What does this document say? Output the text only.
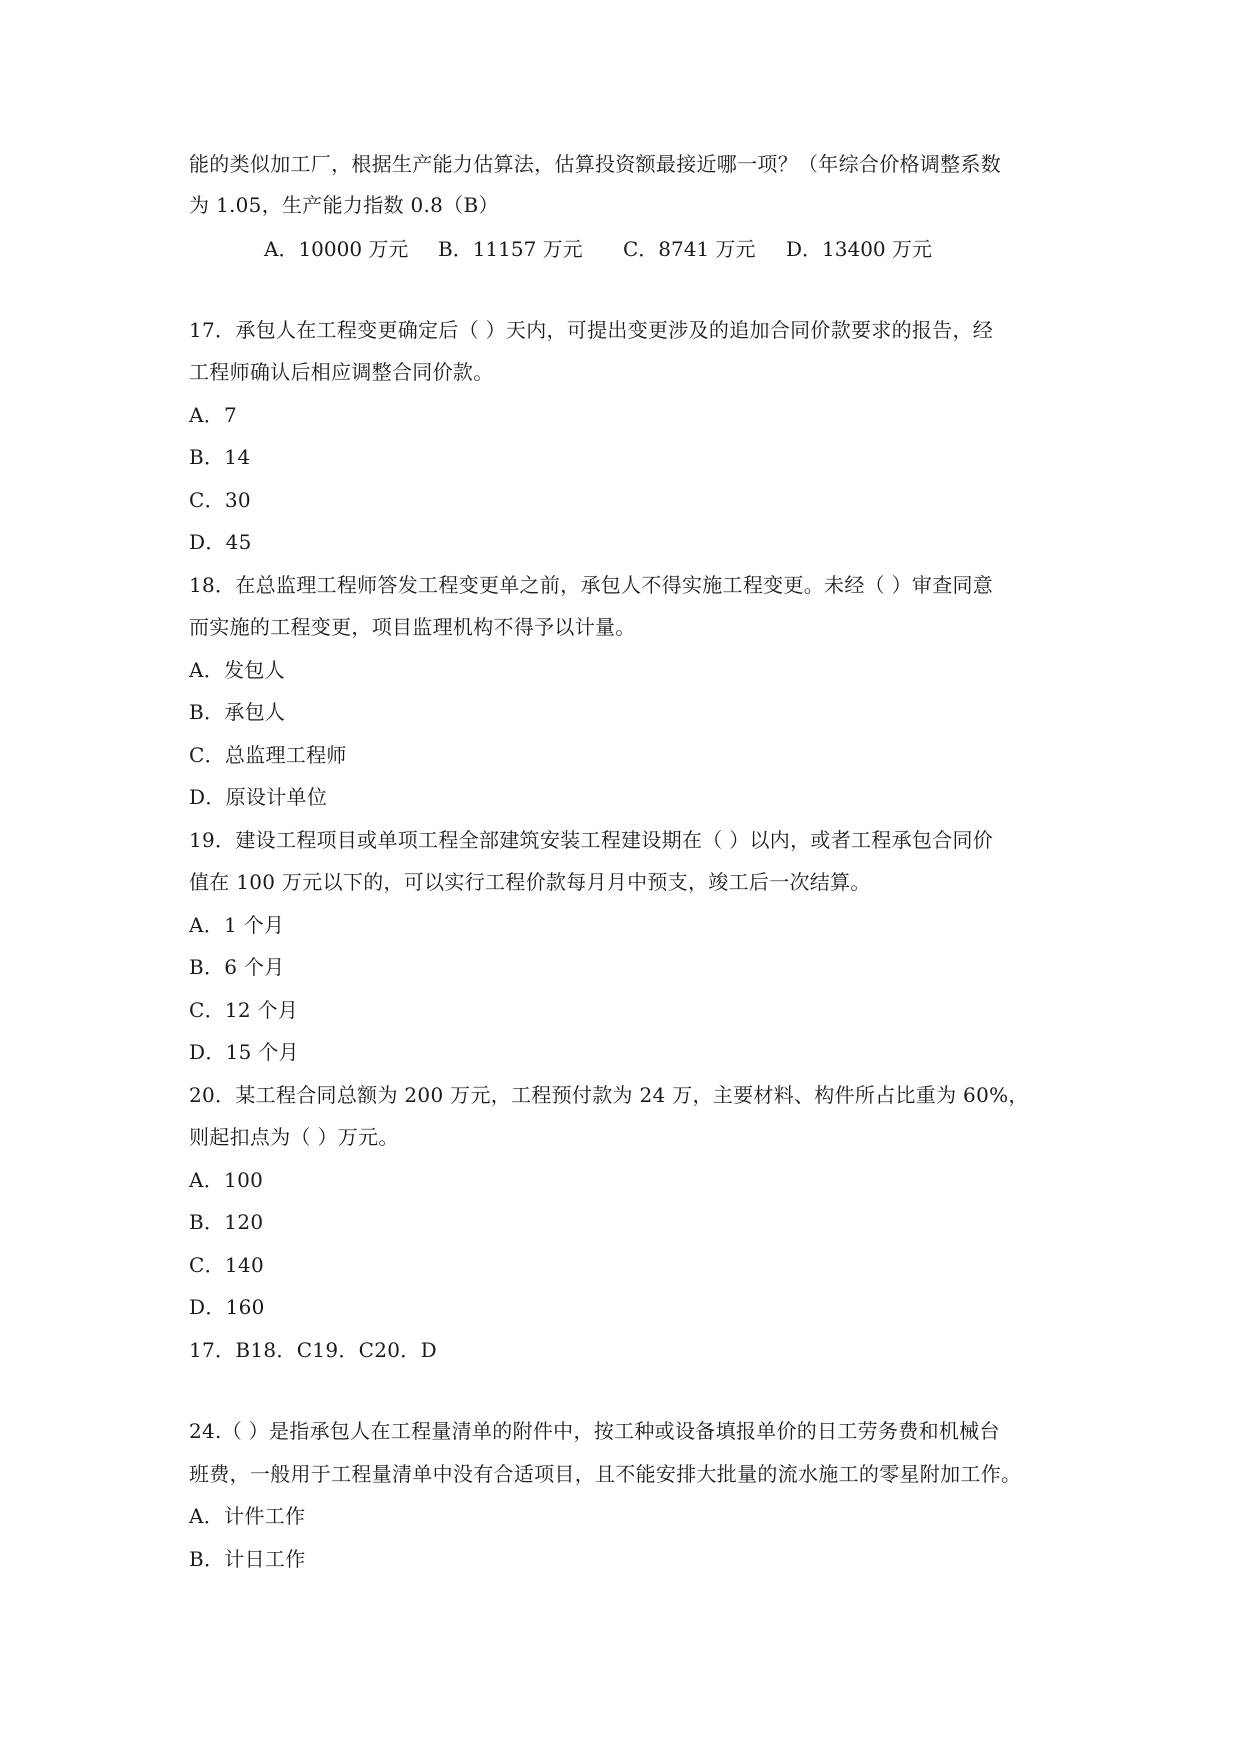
能的类似加工厂，根据生产能力估算法，估算投资额最接近哪一项？（年综合价格调整系数
为 1.05，生产能力指数 0.8（B）
A．10000 万元 B．11157 万元 C．8741 万元 D．13400 万元
17．承包人在工程变更确定后（ ）天内，可提出变更涉及的追加合同价款要求的报告，经
工程师确认后相应调整合同价款。
A．7
B．14
C．30
D．45
18．在总监理工程师答发工程变更单之前，承包人不得实施工程变更。未经（ ）审查同意
而实施的工程变更，项目监理机构不得予以计量。
A．发包人
B．承包人
C．总监理工程师
D．原设计单位
19．建设工程项目或单项工程全部建筑安装工程建设期在（ ）以内，或者工程承包合同价
值在 100 万元以下的，可以实行工程价款每月月中预支，竣工后一次结算。
A．1 个月
B．6 个月
C．12 个月
D．15 个月
20．某工程合同总额为 200 万元，工程预付款为 24 万，主要材料、构件所占比重为 60%，
则起扣点为（ ）万元。
A．100
B．120
C．140
D．160
17．B18．C19．C20．D
24.（ ）是指承包人在工程量清单的附件中，按工种或设备填报单价的日工劳务费和机械台
班费，一般用于工程量清单中没有合适项目，且不能安排大批量的流水施工的零星附加工作。
A．计件工作
B．计日工作
